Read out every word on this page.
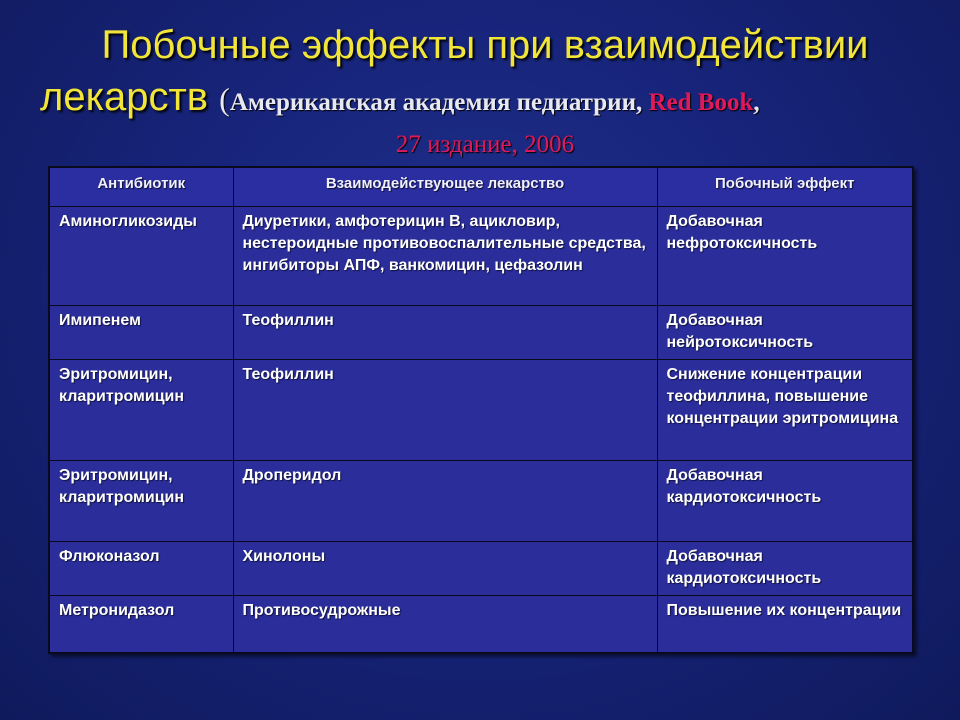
Побочные эффекты при взаимодействии
лекарств (Американская академия педиатрии, Red Book,
27 издание, 2006
Антибиотик	Взаимодействующее лекарство	Побочный эффект
Аминогликозиды	Диуретики, амфотерицин В, ацикловир, нестероидные противовоспалительные средства, ингибиторы АПФ, ванкомицин, цефазолин	Добавочная нефротоксичность
Имипенем	Теофиллин	Добавочная нейротоксичность
Эритромицин, кларитромицин	Теофиллин	Снижение концентрации теофиллина, повышение концентрации эритромицина
Эритромицин, кларитромицин	Дроперидол	Добавочная кардиотоксичность
Флюконазол	Хинолоны	Добавочная кардиотоксичность
Метронидазол	Противосудрожные	Повышение их концентрации
